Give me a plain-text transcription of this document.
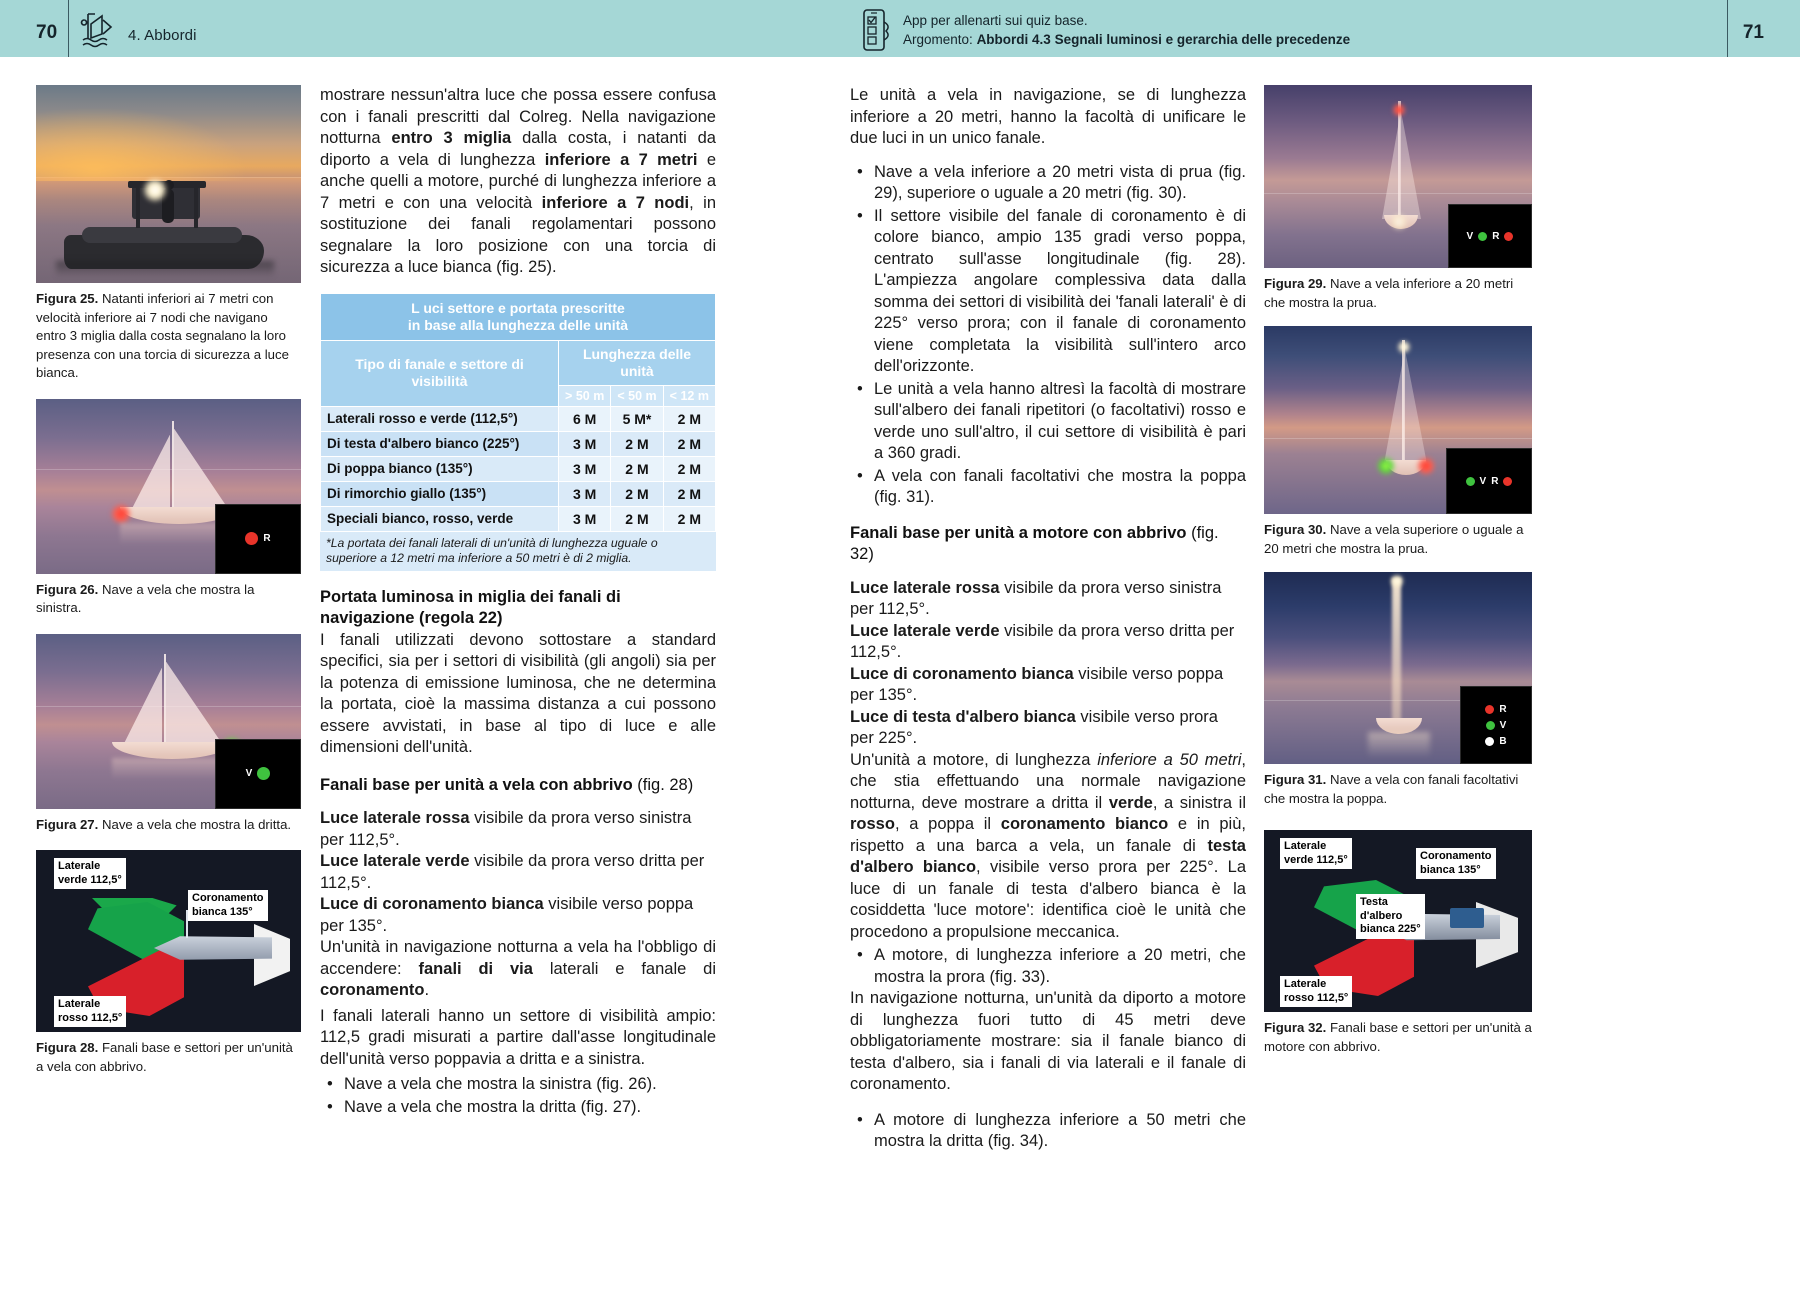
70	4. Abbordi
App per allenarti sui quiz base.
Argomento: Abbordi 4.3 Segnali luminosi e gerarchia delle precedenze	71
Figura 25. Natanti inferiori ai 7 metri con velocità inferiore ai 7 nodi che navigano entro 3 miglia dalla costa segnalano la loro presenza con una torcia di sicurezza a luce bianca.
R
Figura 26. Nave a vela che mostra la sinistra.
V
Figura 27. Nave a vela che mostra la dritta.
Laterale
verde 112,5°
Coronamento
bianca 135°
Laterale
rosso 112,5°
Figura 28. Fanali base e settori per un'unità a vela con abbrivo.

mostrare nessun'altra luce che possa essere confusa con i fanali prescritti dal Colreg. Nella navigazione notturna entro 3 miglia dalla costa, i natanti da diporto a vela di lunghezza inferiore a 7 metri e anche quelli a motore, purché di lunghezza inferiore a 7 metri e con una velocità inferiore a 7 nodi, in sostituzione dei fanali regolamentari possono segnalare la loro posizione con una torcia di sicurezza a luce bianca (fig. 25).

L uci settore e portata prescritte
in base alla lunghezza delle unità			
Tipo di fanale e settore di visibilità	Lunghezza delle unità		
	> 50 m	< 50 m	< 12 m
Laterali rosso e verde (112,5°)	6 M	5 M*	2 M
Di testa d'albero bianco (225°)	3 M	2 M	2 M
Di poppa bianco (135°)	3 M	2 M	2 M
Di rimorchio giallo (135°)	3 M	2 M	2 M
Speciali bianco, rosso, verde	3 M	2 M	2 M
*La portata dei fanali laterali di un'unità di lunghezza uguale o superiore a 12 metri ma inferiore a 50 metri è di 2 miglia.
Portata luminosa in miglia dei fanali di navigazione (regola 22)

I fanali utilizzati devono sottostare a standard specifici, sia per i settori di visibilità (gli angoli) sia per la potenza di emissione luminosa, che ne determina la portata, cioè la massima distanza a cui possono essere avvistati, in base al tipo di luce e alle dimensioni dell'unità.

Fanali base per unità a vela con abbrivo (fig. 28)
Luce laterale rossa visibile da prora verso sinistra per 112,5°.
Luce laterale verde visibile da prora verso dritta per 112,5°.
Luce di coronamento bianca visibile verso poppa per 135°.

Un'unità in navigazione notturna a vela ha l'obbligo di accendere: fanali di via laterali e fanale di coronamento.

I fanali laterali hanno un settore di visibilità ampio: 112,5 gradi misurati a partire dall'asse longitudinale dell'unità verso poppavia a dritta e a sinistra.

• Nave a vela che mostra la sinistra (fig. 26).
• Nave a vela che mostra la dritta (fig. 27).

Le unità a vela in navigazione, se di lunghezza inferiore a 20 metri, hanno la facoltà di unificare le due luci in un unico fanale.

• Nave a vela inferiore a 20 metri vista di prua (fig. 29), superiore o uguale a 20 metri (fig. 30).
• Il settore visibile del fanale di coronamento è di colore bianco, ampio 135 gradi verso poppa, centrato sull'asse longitudinale (fig. 28). L'ampiezza angolare complessiva data dalla somma dei settori di visibilità dei 'fanali laterali' è di 225° verso prora; con il fanale di coronamento viene completata la visibilità sull'intero arco dell'orizzonte.
• Le unità a vela hanno altresì la facoltà di mostrare sull'albero dei fanali ripetitori (o facoltativi) rosso e verde uno sull'altro, il cui settore di visibilità è pari a 360 gradi.
• A vela con fanali facoltativi che mostra la poppa (fig. 31).
Fanali base per unità a motore con abbrivo (fig. 32)
Luce laterale rossa visibile da prora verso sinistra per 112,5°.
Luce laterale verde visibile da prora verso dritta per 112,5°.
Luce di coronamento bianca visibile verso poppa per 135°.
Luce di testa d'albero bianca visibile verso prora per 225°.

Un'unità a motore, di lunghezza inferiore a 50 metri, che stia effettuando una normale navigazione notturna, deve mostrare a dritta il verde, a sinistra il rosso, a poppa il coronamento bianco e in più, rispetto a una barca a vela, un fanale di testa d'albero bianco, visibile verso prora per 225°. La luce di un fanale di testa d'albero bianca è la cosiddetta 'luce motore': identifica cioè le unità che procedono a propulsione meccanica.

• A motore, di lunghezza inferiore a 20 metri, che mostra la prora (fig. 33).

In navigazione notturna, un'unità da diporto a motore di lunghezza fuori tutto di 45 metri deve obbligatoriamente mostrare: sia il fanale bianco di testa d'albero, sia i fanali di via laterali e il fanale di coronamento.

• A motore di lunghezza inferiore a 50 metri che mostra la dritta (fig. 34).
V R
Figura 29. Nave a vela inferiore a 20 metri che mostra la prua.
V R
Figura 30. Nave a vela superiore o uguale a 20 metri che mostra la prua.
R
V
B
Figura 31. Nave a vela con fanali facoltativi che mostra la poppa.
Laterale
verde 112,5°	Coronamento
bianca 135°
Testa
d'albero
bianca 225°
Laterale
rosso 112,5°
Figura 32. Fanali base e settori per un'unità a motore con abbrivo.
